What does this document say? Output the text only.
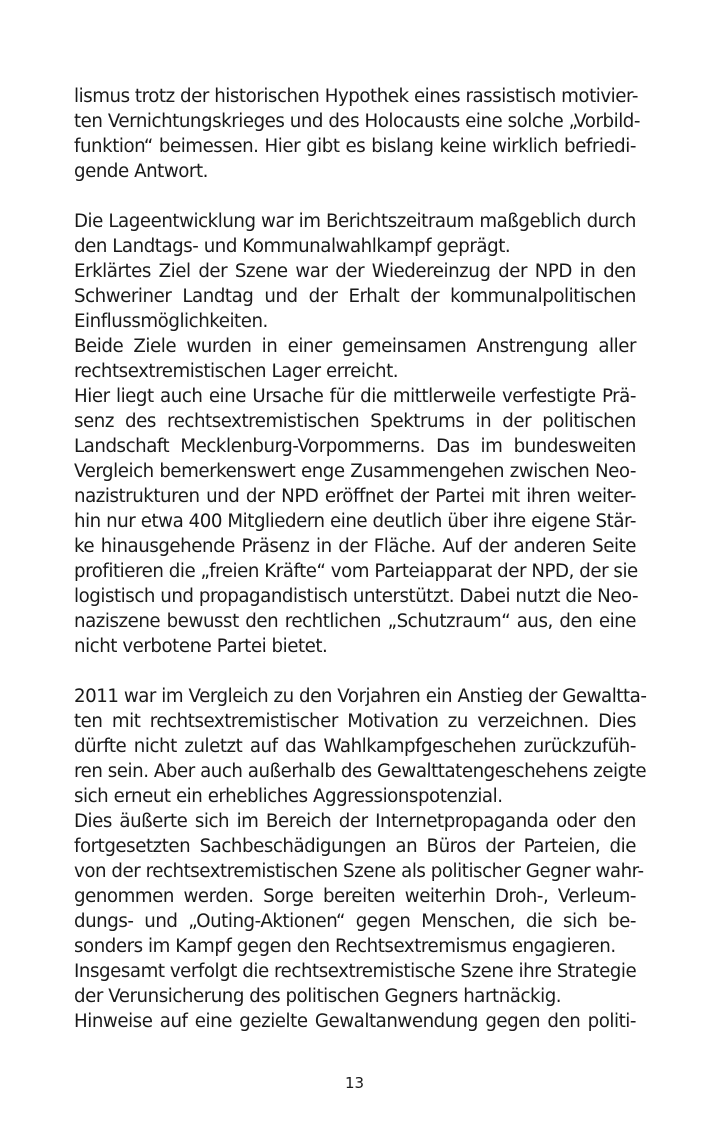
lismus trotz der historischen Hypothek eines rassistisch motivier-
ten Vernichtungskrieges und des Holocausts eine solche „Vorbild-
funktion“ beimessen. Hier gibt es bislang keine wirklich befriedi-
gende Antwort.
Die Lageentwicklung war im Berichtszeitraum maßgeblich durch
den Landtags- und Kommunalwahlkampf geprägt.
Erklärtes Ziel der Szene war der Wiedereinzug der NPD in den
Schweriner Landtag und der Erhalt der kommunalpolitischen
Einflussmöglichkeiten.
Beide Ziele wurden in einer gemeinsamen Anstrengung aller
rechtsextremistischen Lager erreicht.
Hier liegt auch eine Ursache für die mittlerweile verfestigte Prä-
senz des rechtsextremistischen Spektrums in der politischen
Landschaft Mecklenburg-Vorpommerns. Das im bundesweiten
Vergleich bemerkenswert enge Zusammengehen zwischen Neo-
nazistrukturen und der NPD eröffnet der Partei mit ihren weiter-
hin nur etwa 400 Mitgliedern eine deutlich über ihre eigene Stär-
ke hinausgehende Präsenz in der Fläche. Auf der anderen Seite
profitieren die „freien Kräfte“ vom Parteiapparat der NPD, der sie
logistisch und propagandistisch unterstützt. Dabei nutzt die Neo-
naziszene bewusst den rechtlichen „Schutzraum“ aus, den eine
nicht verbotene Partei bietet.
2011 war im Vergleich zu den Vorjahren ein Anstieg der Gewaltta-
ten mit rechtsextremistischer Motivation zu verzeichnen. Dies
dürfte nicht zuletzt auf das Wahlkampfgeschehen zurückzufüh-
ren sein. Aber auch außerhalb des Gewalttatengeschehens zeigte
sich erneut ein erhebliches Aggressionspotenzial.
Dies äußerte sich im Bereich der Internetpropaganda oder den
fortgesetzten Sachbeschädigungen an Büros der Parteien, die
von der rechtsextremistischen Szene als politischer Gegner wahr-
genommen werden. Sorge bereiten weiterhin Droh-, Verleum-
dungs- und „Outing-Aktionen“ gegen Menschen, die sich be-
sonders im Kampf gegen den Rechtsextremismus engagieren.
Insgesamt verfolgt die rechtsextremistische Szene ihre Strategie
der Verunsicherung des politischen Gegners hartnäckig.
Hinweise auf eine gezielte Gewaltanwendung gegen den politi-
13
